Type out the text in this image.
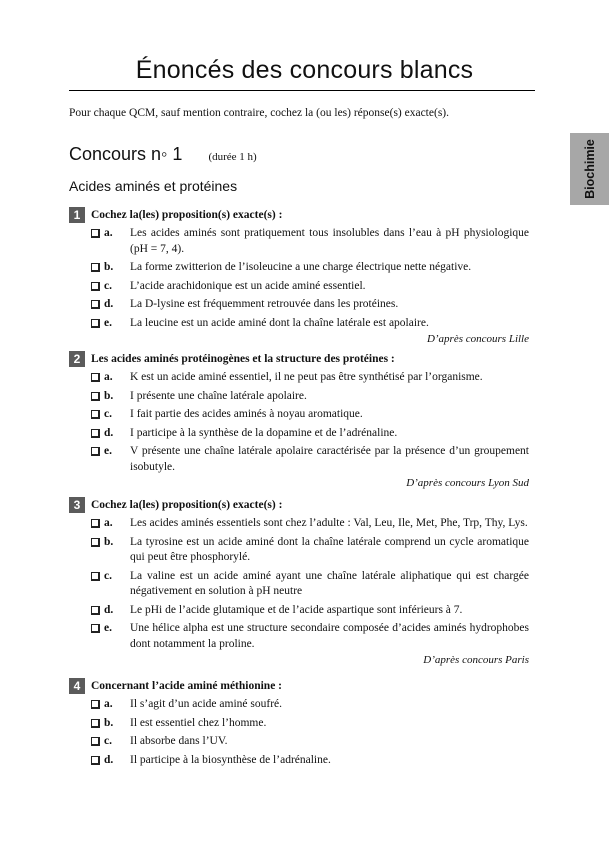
Énoncés des concours blancs
Pour chaque QCM, sauf mention contraire, cochez la (ou les) réponse(s) exacte(s).
Biochimie
Concours n◦ 1 (durée 1 h)
Acides aminés et protéines
1 Cochez la(les) proposition(s) exacte(s) :
a. Les acides aminés sont pratiquement tous insolubles dans l’eau à pH physiologique (pH = 7, 4).
b. La forme zwitterion de l’isoleucine a une charge électrique nette négative.
c. L’acide arachidonique est un acide aminé essentiel.
d. La D-lysine est fréquemment retrouvée dans les protéines.
e. La leucine est un acide aminé dont la chaîne latérale est apolaire.
D’après concours Lille
2 Les acides aminés protéinogènes et la structure des protéines :
a. K est un acide aminé essentiel, il ne peut pas être synthétisé par l’organisme.
b. I présente une chaîne latérale apolaire.
c. I fait partie des acides aminés à noyau aromatique.
d. I participe à la synthèse de la dopamine et de l’adrénaline.
e. V présente une chaîne latérale apolaire caractérisée par la présence d’un groupement isobutyle.
D’après concours Lyon Sud
3 Cochez la(les) proposition(s) exacte(s) :
a. Les acides aminés essentiels sont chez l’adulte : Val, Leu, Ile, Met, Phe, Trp, Thy, Lys.
b. La tyrosine est un acide aminé dont la chaîne latérale comprend un cycle aromatique qui peut être phosphorylé.
c. La valine est un acide aminé ayant une chaîne latérale aliphatique qui est chargée négativement en solution à pH neutre
d. Le pHi de l’acide glutamique et de l’acide aspartique sont inférieurs à 7.
e. Une hélice alpha est une structure secondaire composée d’acides aminés hydrophobes dont notamment la proline.
D’après concours Paris
4 Concernant l’acide aminé méthionine :
a. Il s’agit d’un acide aminé soufré.
b. Il est essentiel chez l’homme.
c. Il absorbe dans l’UV.
d. Il participe à la biosynthèse de l’adrénaline.
